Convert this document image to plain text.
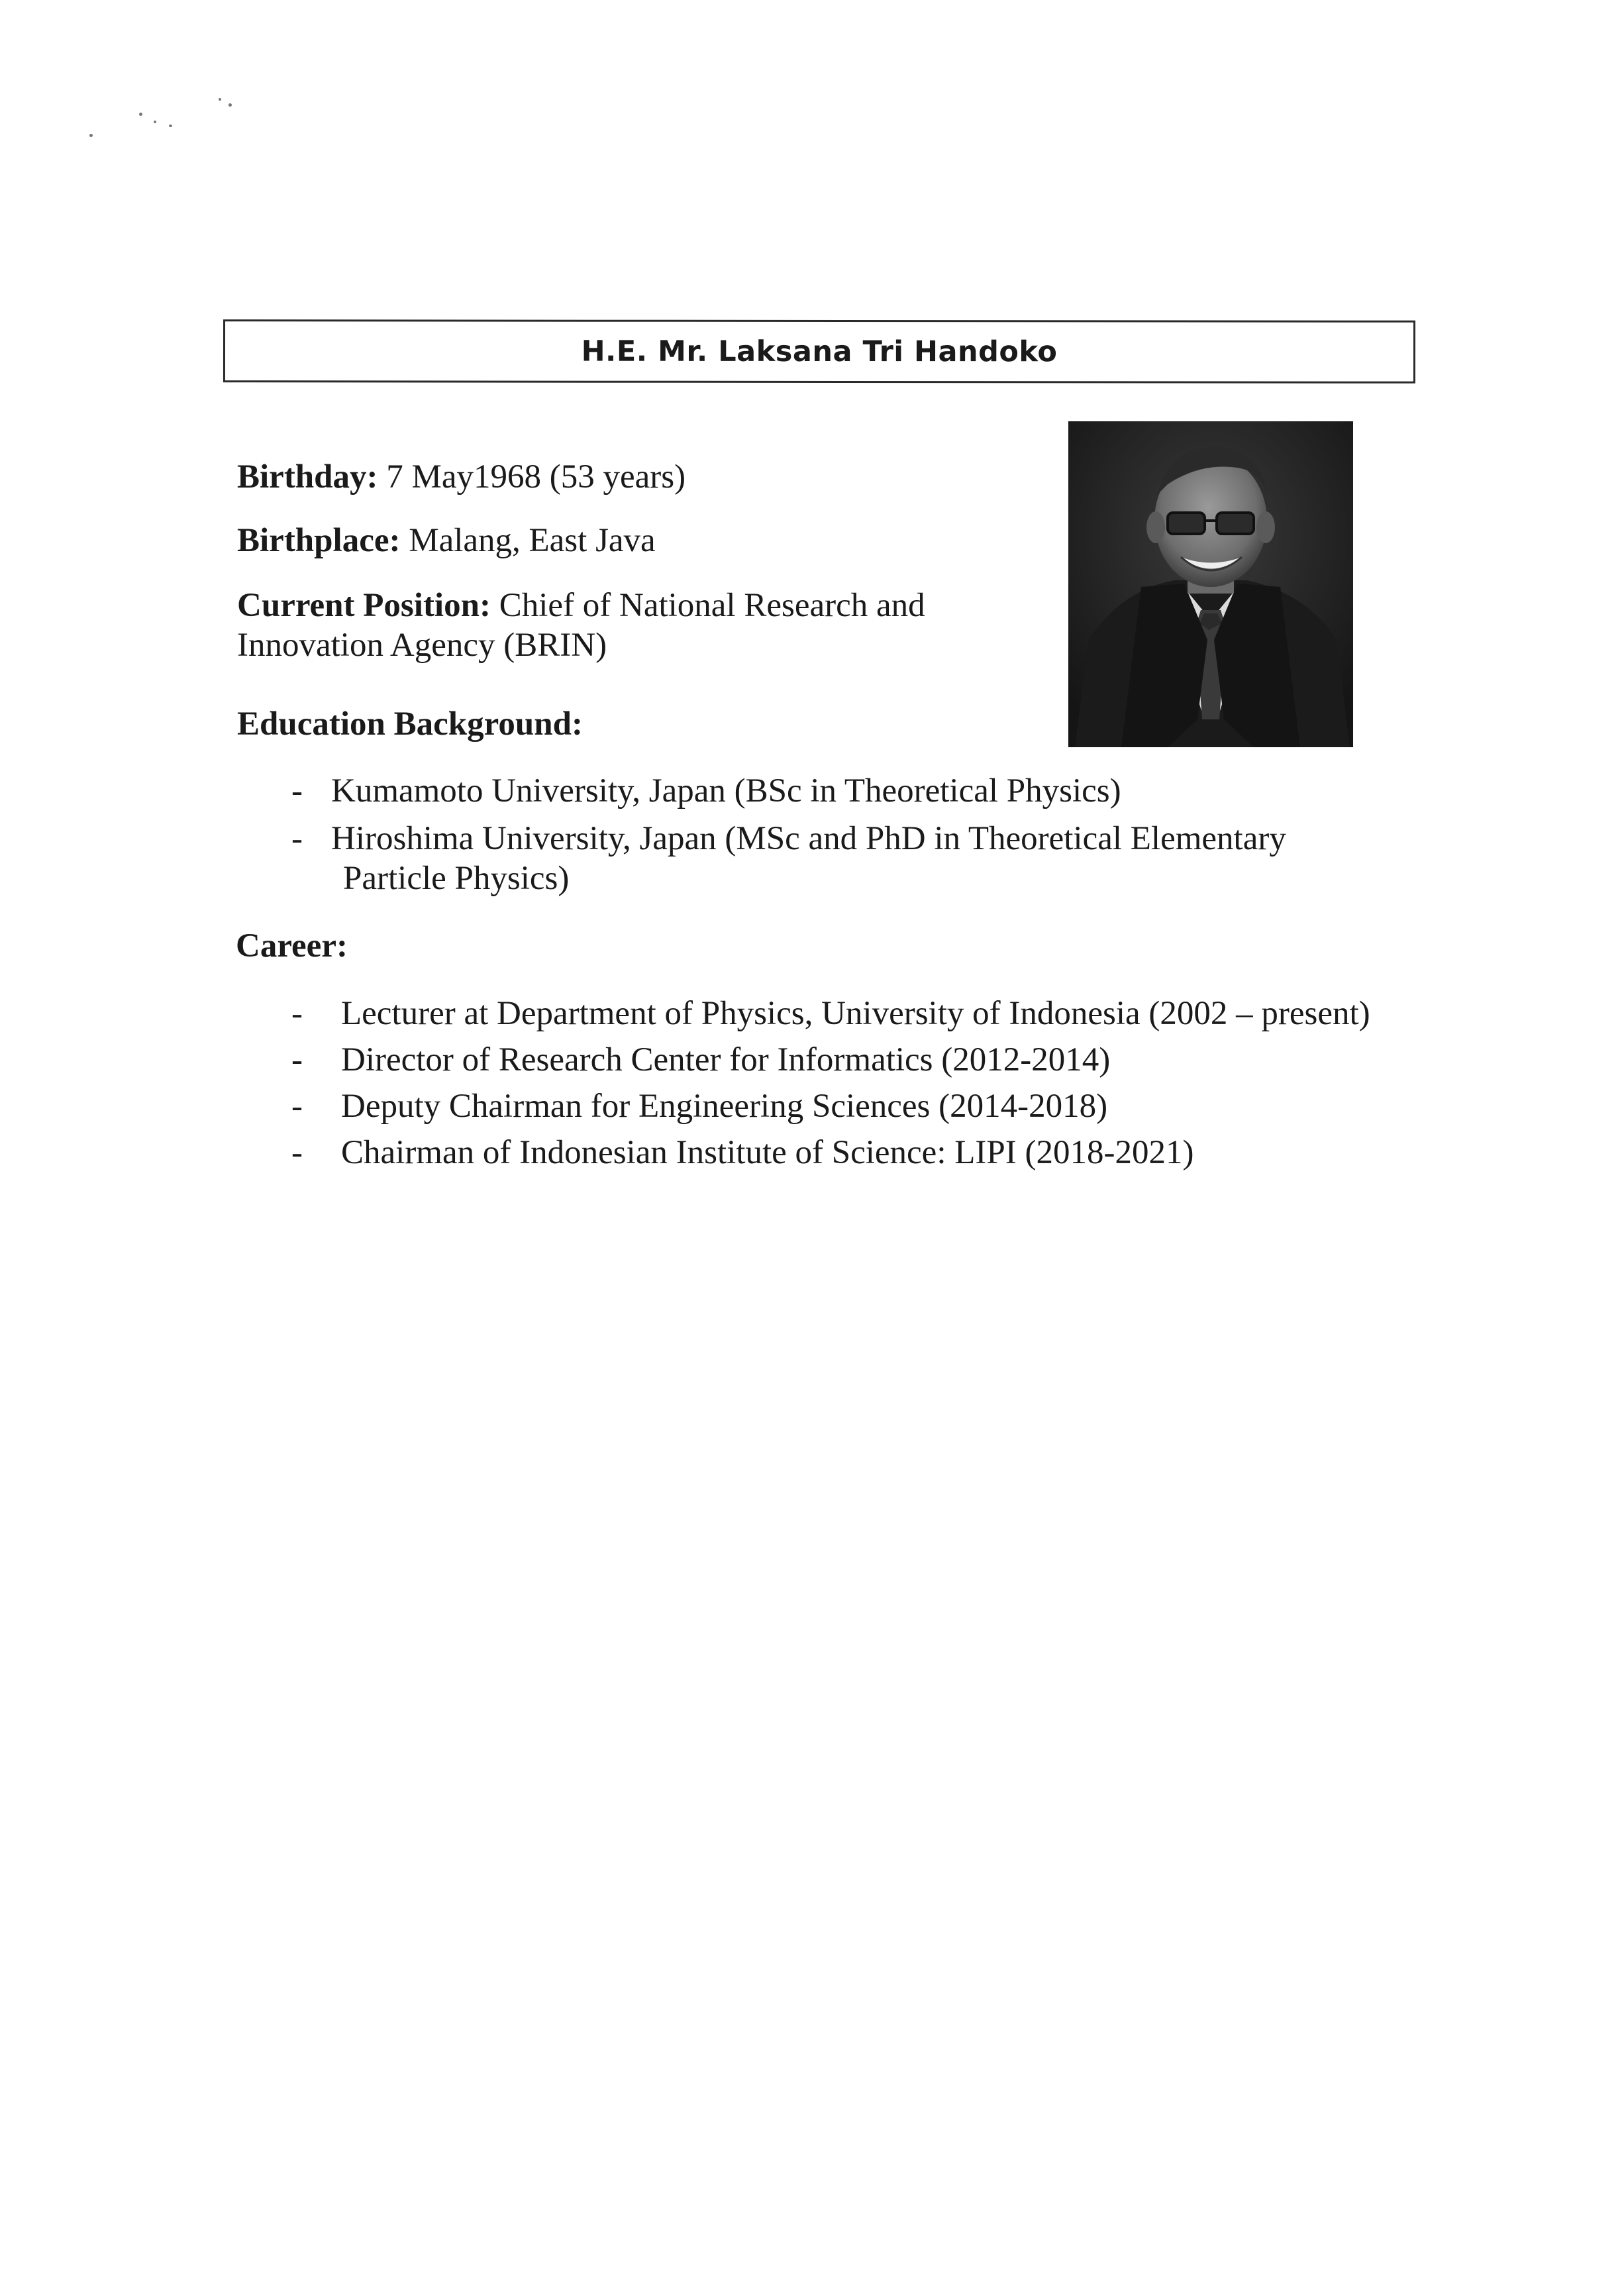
H.E. Mr. Laksana Tri Handoko
Birthday: 7 May1968 (53 years)
Birthplace: Malang, East Java
Current Position: Chief of National Research and
Innovation Agency (BRIN)
Education Background:
- Kumamoto University, Japan (BSc in Theoretical Physics)
- Hiroshima University, Japan (MSc and PhD in Theoretical Elementary
Particle Physics)
Career:
- Lecturer at Department of Physics, University of Indonesia (2002 – present)
- Director of Research Center for Informatics (2012-2014)
- Deputy Chairman for Engineering Sciences (2014-2018)
- Chairman of Indonesian Institute of Science: LIPI (2018-2021)
